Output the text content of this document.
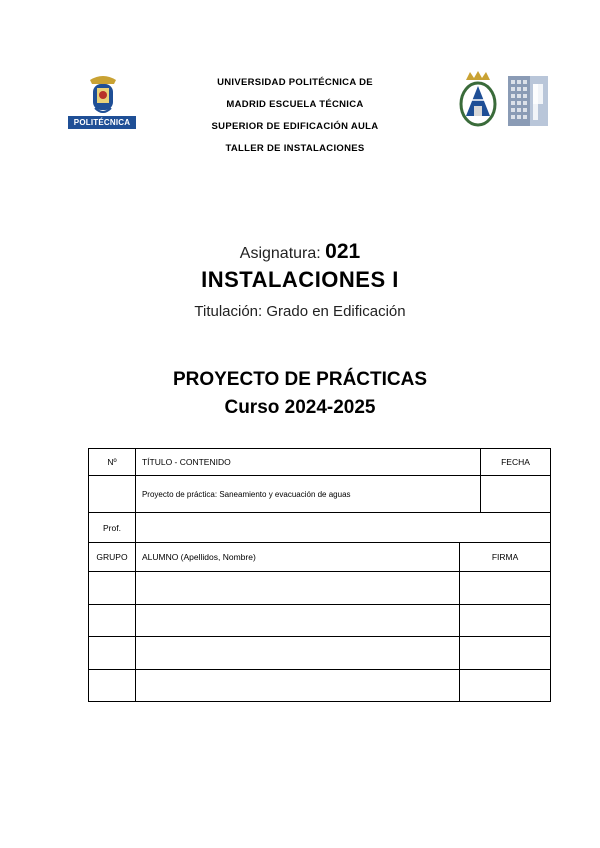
POLITÉCNICA
UNIVERSIDAD POLITÉCNICA DE
MADRID ESCUELA TÉCNICA
SUPERIOR DE EDIFICACIÓN AULA
TALLER DE INSTALACIONES
Asignatura: 021
INSTALACIONES I
Titulación: Grado en Edificación
PROYECTO DE PRÁCTICAS
Curso 2024-2025
Nº	TÍTULO - CONTENIDO		FECHA
	Proyecto de práctica: Saneamiento y evacuación de aguas		
Prof.			
GRUPO	ALUMNO (Apellidos, Nombre)	FIRMA	
